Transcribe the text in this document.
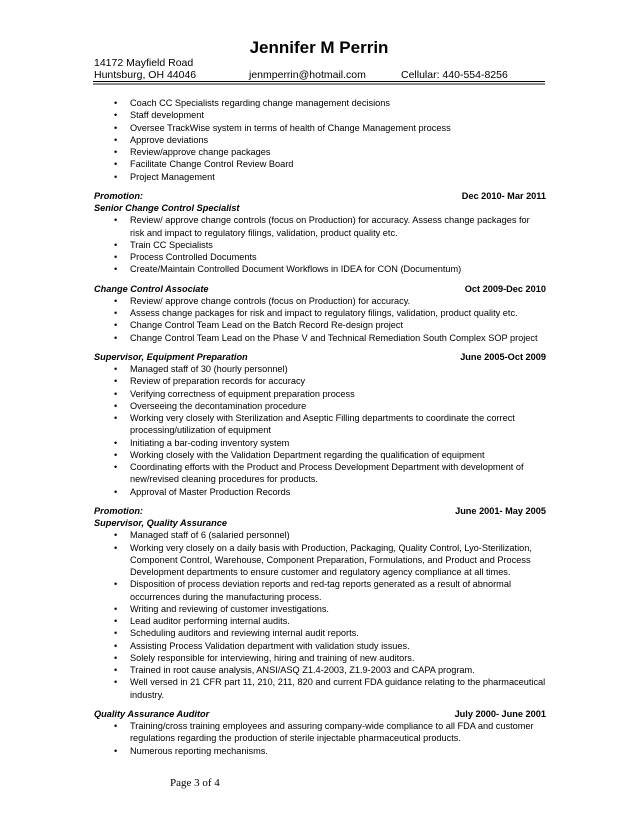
Jennifer M Perrin
14172 Mayfield Road
Huntsburg, OH 44046	jenmperrin@hotmail.com	Cellular: 440-554-8256
• Coach CC Specialists regarding change management decisions
• Staff development
• Oversee TrackWise system in terms of health of Change Management process
• Approve deviations
• Review/approve change packages
• Facilitate Change Control Review Board
• Project Management
Promotion:	Dec 2010- Mar 2011
Senior Change Control Specialist
• Review/ approve change controls (focus on Production) for accuracy. Assess change packages for risk and impact to regulatory filings, validation, product quality etc.
• Train CC Specialists
• Process Controlled Documents
• Create/Maintain Controlled Document Workflows in IDEA for CON (Documentum)
Change Control Associate	Oct 2009-Dec 2010
• Review/ approve change controls (focus on Production) for accuracy.
• Assess change packages for risk and impact to regulatory filings, validation, product quality etc.
• Change Control Team Lead on the Batch Record Re-design project
• Change Control Team Lead on the Phase V and Technical Remediation South Complex SOP project
Supervisor, Equipment Preparation	June 2005-Oct 2009
• Managed staff of 30 (hourly personnel)
• Review of preparation records for accuracy
• Verifying correctness of equipment preparation process
• Overseeing the decontamination procedure
• Working very closely with Sterilization and Aseptic Filling departments to coordinate the correct processing/utilization of equipment
• Initiating a bar-coding inventory system
• Working closely with the Validation Department regarding the qualification of equipment
• Coordinating efforts with the Product and Process Development Department with development of new/revised cleaning procedures for products.
• Approval of Master Production Records
Promotion:	June 2001- May 2005
Supervisor, Quality Assurance
• Managed staff of 6 (salaried personnel)
• Working very closely on a daily basis with Production, Packaging, Quality Control, Lyo-Sterilization, Component Control, Warehouse, Component Preparation, Formulations, and Product and Process Development departments to ensure customer and regulatory agency compliance at all times.
• Disposition of process deviation reports and red-tag reports generated as a result of abnormal occurrences during the manufacturing process.
• Writing and reviewing of customer investigations.
• Lead auditor performing internal audits.
• Scheduling auditors and reviewing internal audit reports.
• Assisting Process Validation department with validation study issues.
• Solely responsible for interviewing, hiring and training of new auditors.
• Trained in root cause analysis, ANSI/ASQ Z1.4-2003, Z1.9-2003 and CAPA program.
• Well versed in 21 CFR part 11, 210, 211, 820 and current FDA guidance relating to the pharmaceutical industry.
Quality Assurance Auditor	July 2000- June 2001
• Training/cross training employees and assuring company-wide compliance to all FDA and customer regulations regarding the production of sterile injectable pharmaceutical products.
• Numerous reporting mechanisms.
Page 3 of 4
